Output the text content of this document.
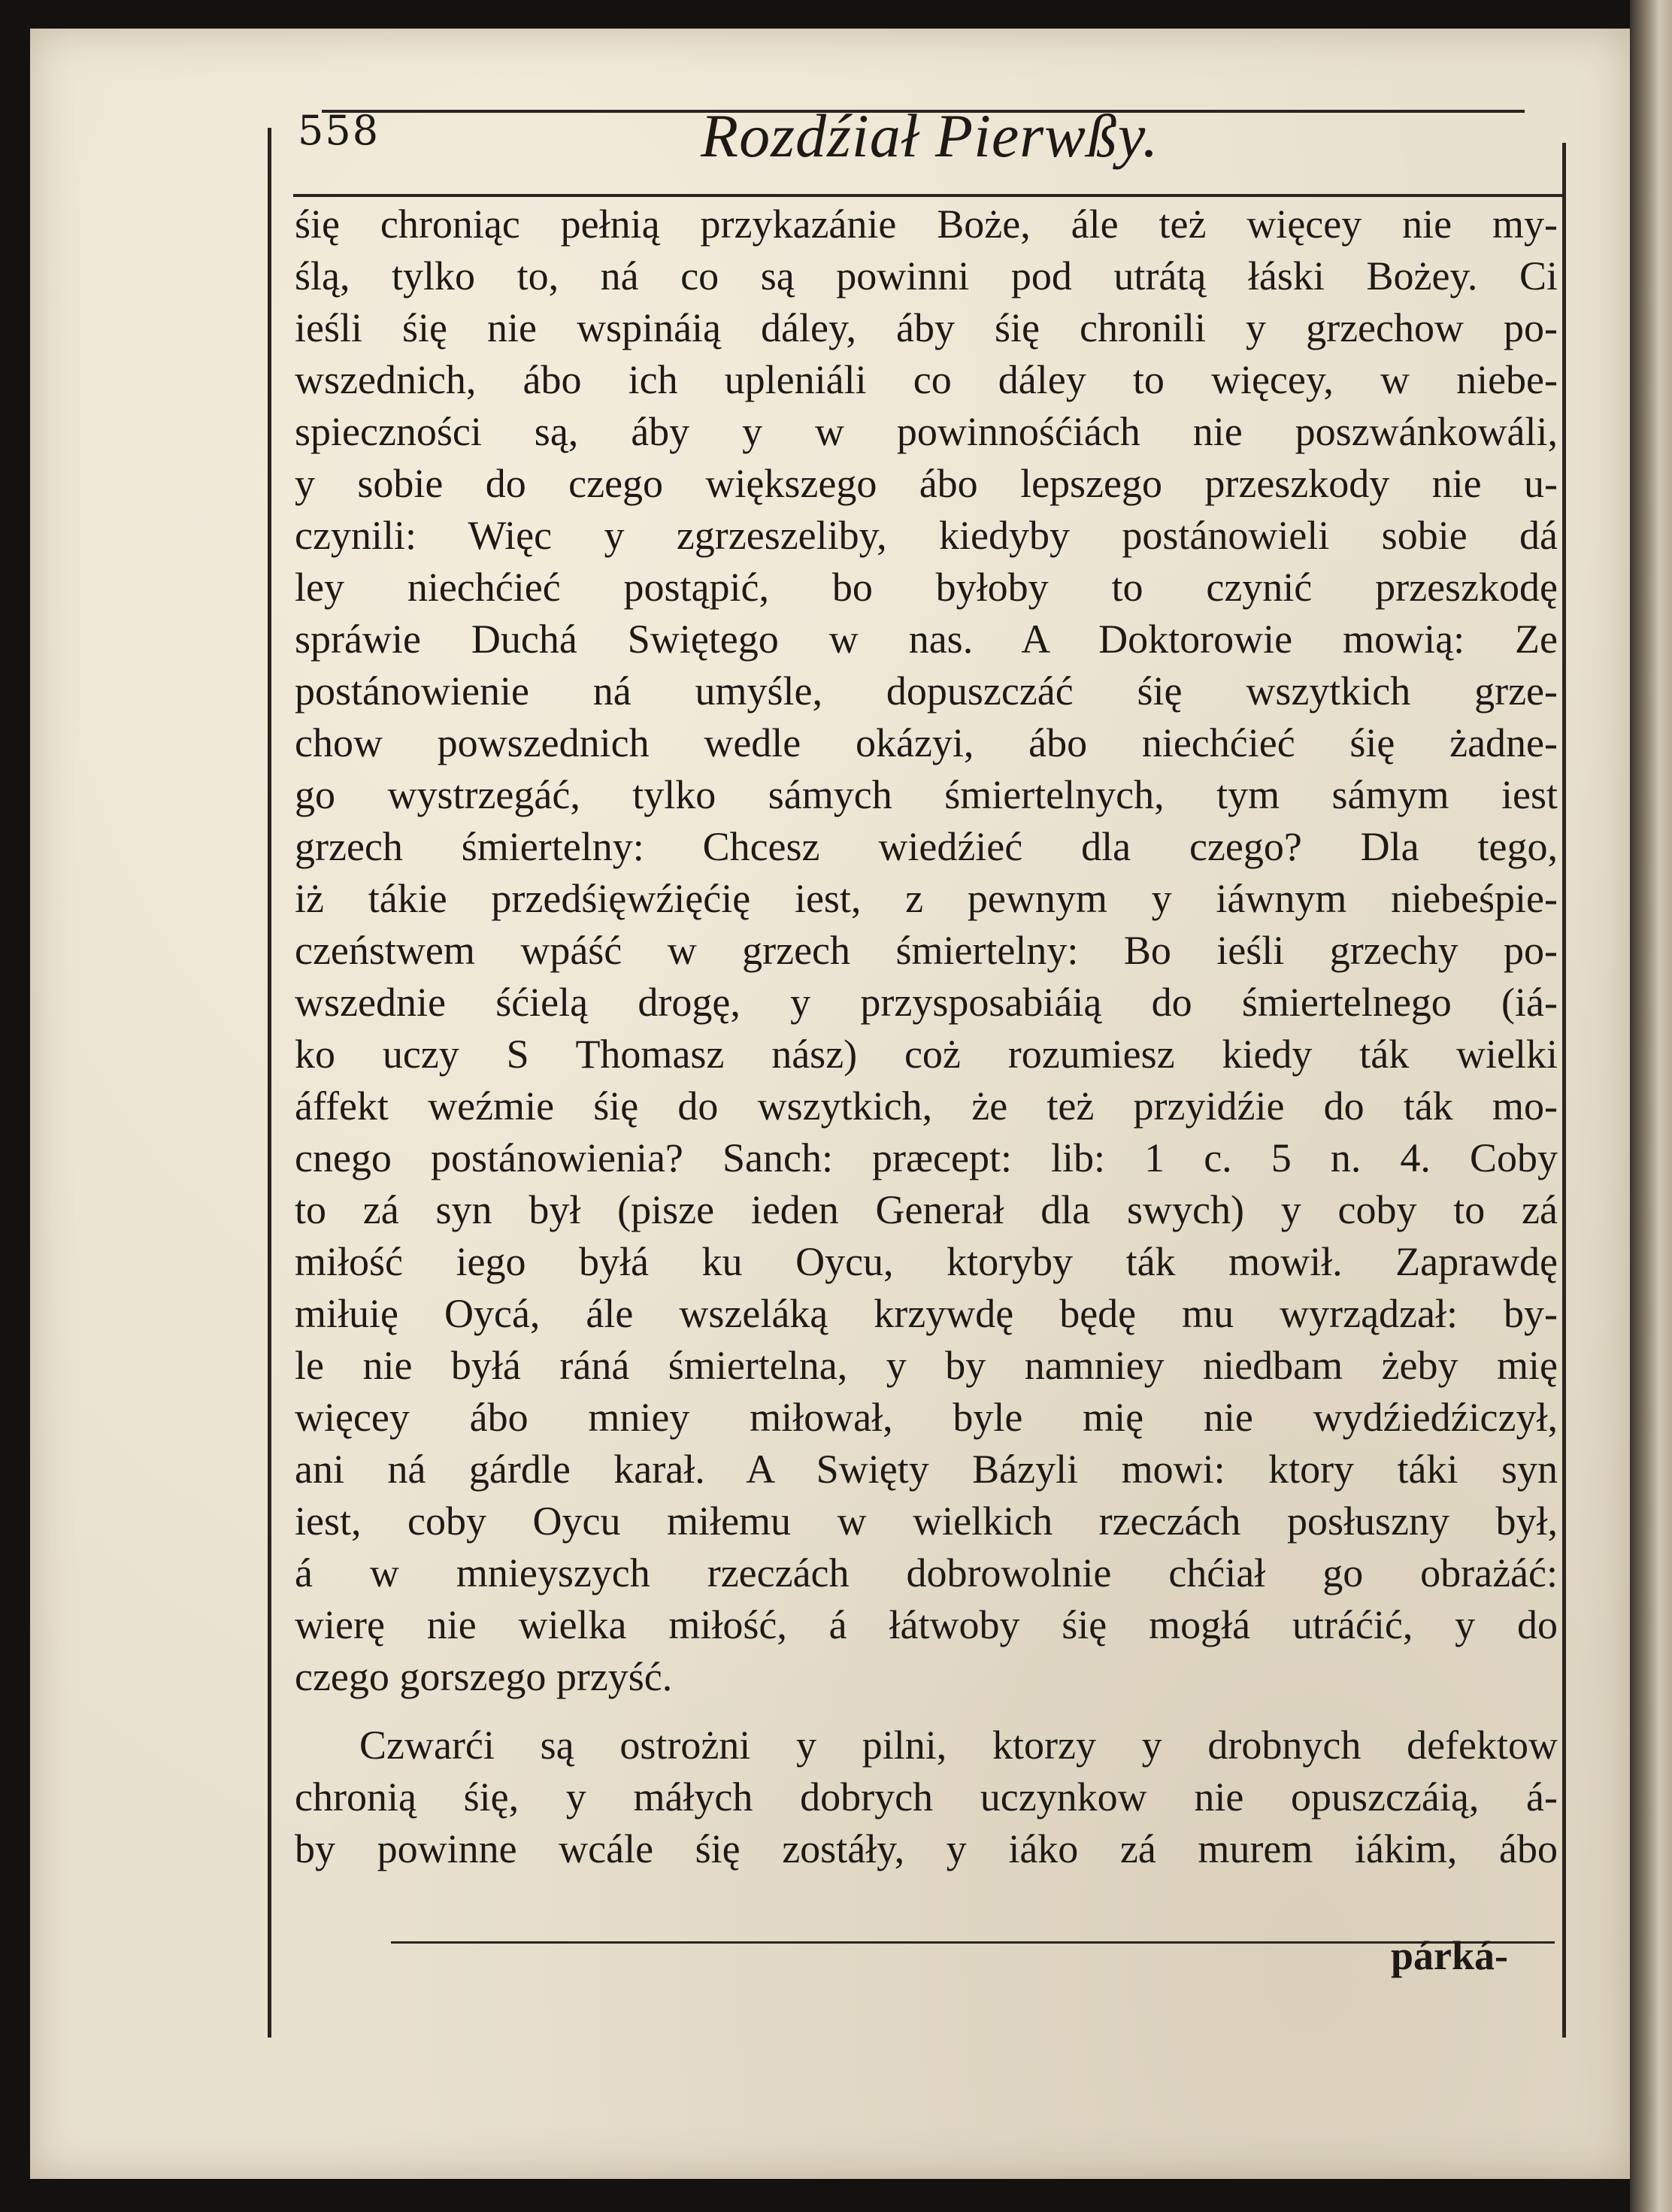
558	Rozdźiał Pierwßy.
śię chroniąc pełnią przykazánie Boże, ále też więcey nie my-
ślą, tylko to, ná co są powinni pod utrátą łáski Bożey. Ci
ieśli śię nie wspináią dáley, áby śię chronili y grzechow po-
wszednich, ábo ich upleniáli co dáley to więcey, w niebe-
spieczności są, áby y w powinnośćiách nie poszwánkowáli,
y sobie do czego większego ábo lepszego przeszkody nie u-
czynili: Więc y zgrzeszeliby, kiedyby postánowieli sobie dá
ley niechćieć postąpić, bo byłoby to czynić przeszkodę
spráwie Duchá Swiętego w nas. A Doktorowie mowią: Ze
postánowienie ná umyśle, dopuszczáć śię wszytkich grze-
chow powszednich wedle okázyi, ábo niechćieć śię żadne-
go wystrzegáć, tylko sámych śmiertelnych, tym sámym iest
grzech śmiertelny: Chcesz wiedźieć dla czego? Dla tego,
iż tákie przedśięwźięćię iest, z pewnym y iáwnym niebeśpie-
czeństwem wpáść w grzech śmiertelny: Bo ieśli grzechy po-
wszednie śćielą drogę, y przysposabiáią do śmiertelnego (iá-
ko uczy S Thomasz nász) coż rozumiesz kiedy ták wielki
áffekt weźmie śię do wszytkich, że też przyidźie do ták mo-
cnego postánowienia? Sanch: præcept: lib: 1 c. 5 n. 4. Coby
to zá syn był (pisze ieden Generał dla swych) y coby to zá
miłość iego byłá ku Oycu, ktoryby ták mowił. Zaprawdę
miłuię Oycá, ále wszeláką krzywdę będę mu wyrządzał: by-
le nie byłá ráná śmiertelna, y by namniey niedbam żeby mię
więcey ábo mniey miłował, byle mię nie wydźiedźiczył,
ani ná gárdle karał. A Swięty Bázyli mowi: ktory táki syn
iest, coby Oycu miłemu w wielkich rzeczách posłuszny był,
á w mnieyszych rzeczách dobrowolnie chćiał go obrażáć:
wierę nie wielka miłość, á łátwoby śię mogłá utráćić, y do
czego gorszego przyść.
Czwarći są ostrożni y pilni, ktorzy y drobnych defektow
chronią śię, y máłych dobrych uczynkow nie opuszczáią, á-
by powinne wcále śię zostáły, y iáko zá murem iákim, ábo
párká-
